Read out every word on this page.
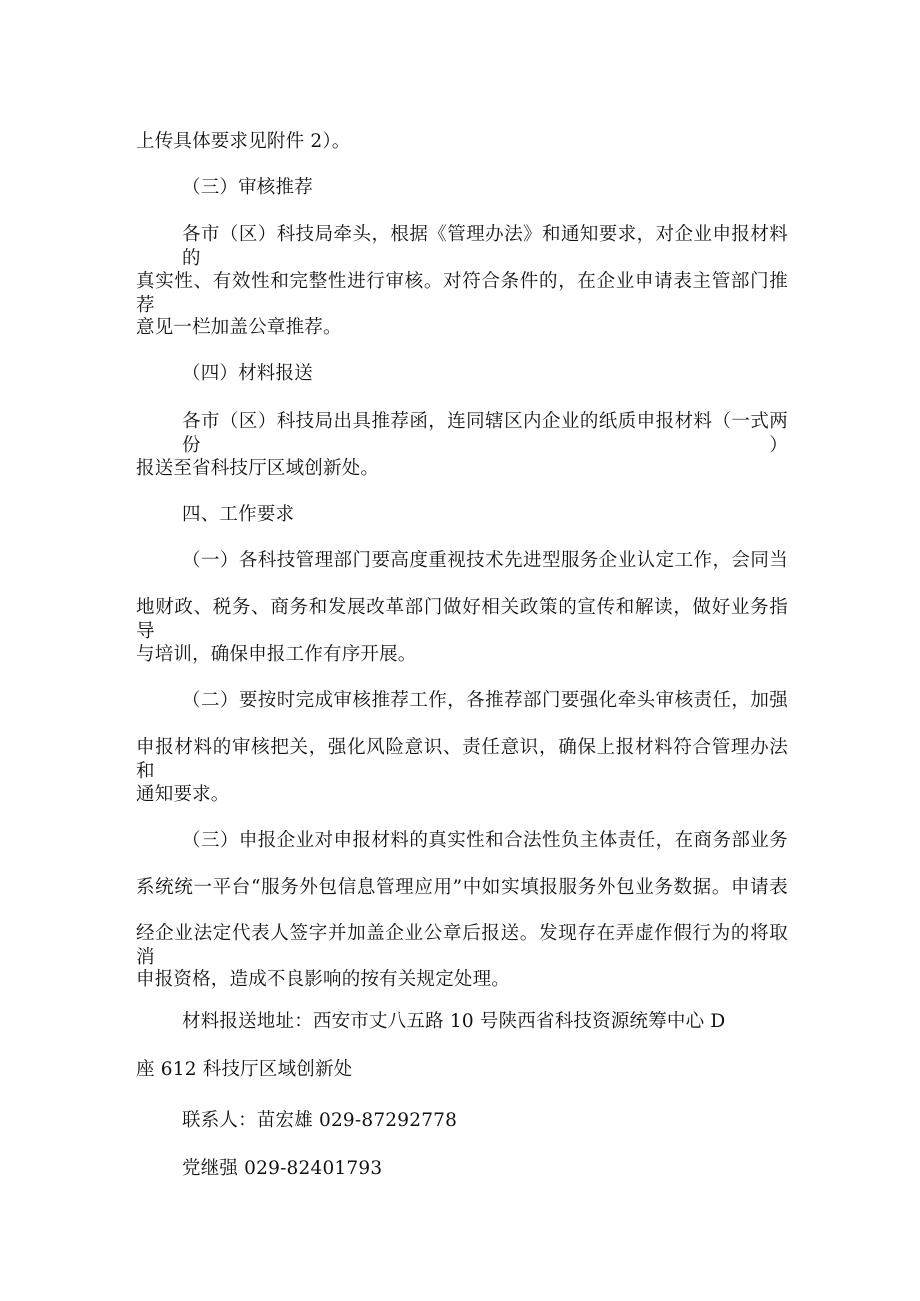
上传具体要求见附件 2）。
（三）审核推荐
各市（区）科技局牵头，根据《管理办法》和通知要求，对企业申报材料的
真实性、有效性和完整性进行审核。对符合条件的，在企业申请表主管部门推荐
意见一栏加盖公章推荐。
（四）材料报送
各市（区）科技局出具推荐函，连同辖区内企业的纸质申报材料（一式两份）
报送至省科技厅区域创新处。
四、工作要求
（一）各科技管理部门要高度重视技术先进型服务企业认定工作，会同当
地财政、税务、商务和发展改革部门做好相关政策的宣传和解读，做好业务指导
与培训，确保申报工作有序开展。
（二）要按时完成审核推荐工作，各推荐部门要强化牵头审核责任，加强
申报材料的审核把关，强化风险意识、责任意识，确保上报材料符合管理办法和
通知要求。
（三）申报企业对申报材料的真实性和合法性负主体责任，在商务部业务
系统统一平台“服务外包信息管理应用”中如实填报服务外包业务数据。申请表
经企业法定代表人签字并加盖企业公章后报送。发现存在弄虚作假行为的将取消
申报资格，造成不良影响的按有关规定处理。
材料报送地址：西安市丈八五路 10 号陕西省科技资源统筹中心 D
座 612 科技厅区域创新处
联系人：苗宏雄 029-87292778
党继强 029-82401793
